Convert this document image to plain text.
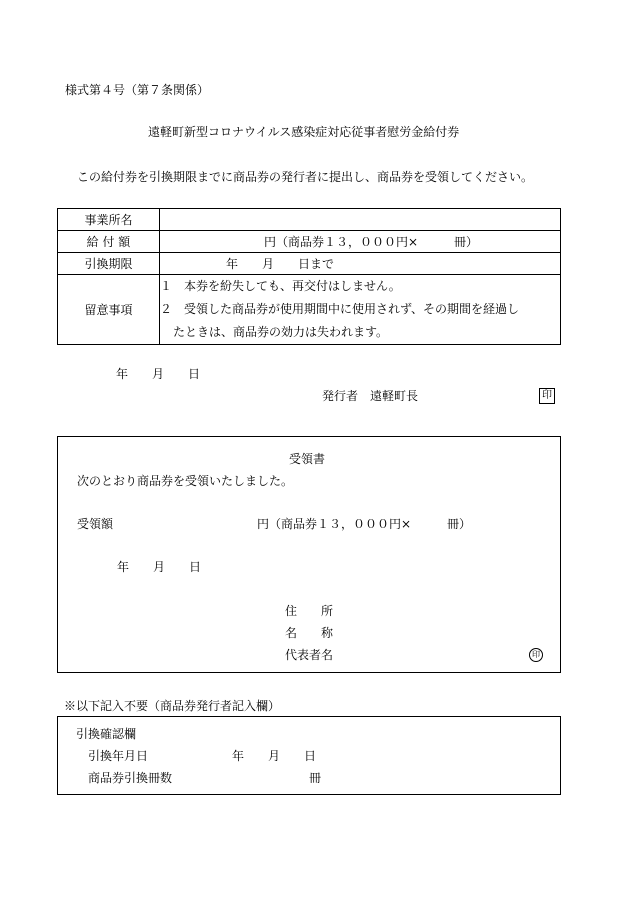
様式第４号（第７条関係）
遠軽町新型コロナウイルス感染症対応従事者慰労金給付券
この給付券を引換期限までに商品券の発行者に提出し、商品券を受領してください。
事業所名	
給 付 額	円（商品券１３，０００円×　　　冊）
引換期限	年　　月　　日まで
留意事項	１　本券を紛失しても、再交付はしません。
２　受領した商品券が使用期間中に使用されず、その期間を経過し
たときは、商品券の効力は失われます。
年　　月　　日
発行者　遠軽町長	印
受領書
次のとおり商品券を受領いたしました。
受領額	円（商品券１３，０００円×　　　冊）
年　　月　　日
住　　所
名　　称
代表者名	印
※以下記入不要（商品券発行者記入欄）
引換確認欄
引換年月日	年　　月　　日
商品券引換冊数	冊
